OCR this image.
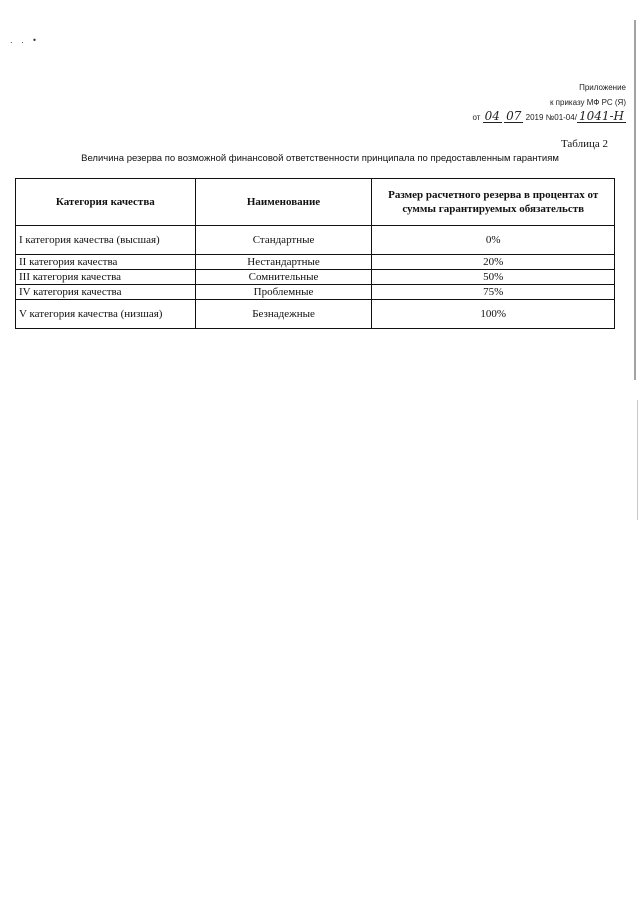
. . •
Приложение
к приказу МФ РС (Я)
от 04 07 2019 №01-04/ 1041-Н
Таблица 2
Величина резерва по возможной финансовой ответственности принципала по предоставленным гарантиям
Категория качества	Наименование	Размер расчетного резерва в процентах от суммы гарантируемых обязательств
I категория качества (высшая)	Стандартные	0%
II категория качества	Нестандартные	20%
III категория качества	Сомнительные	50%
IV категория качества	Проблемные	75%
V категория качества (низшая)	Безнадежные	100%
